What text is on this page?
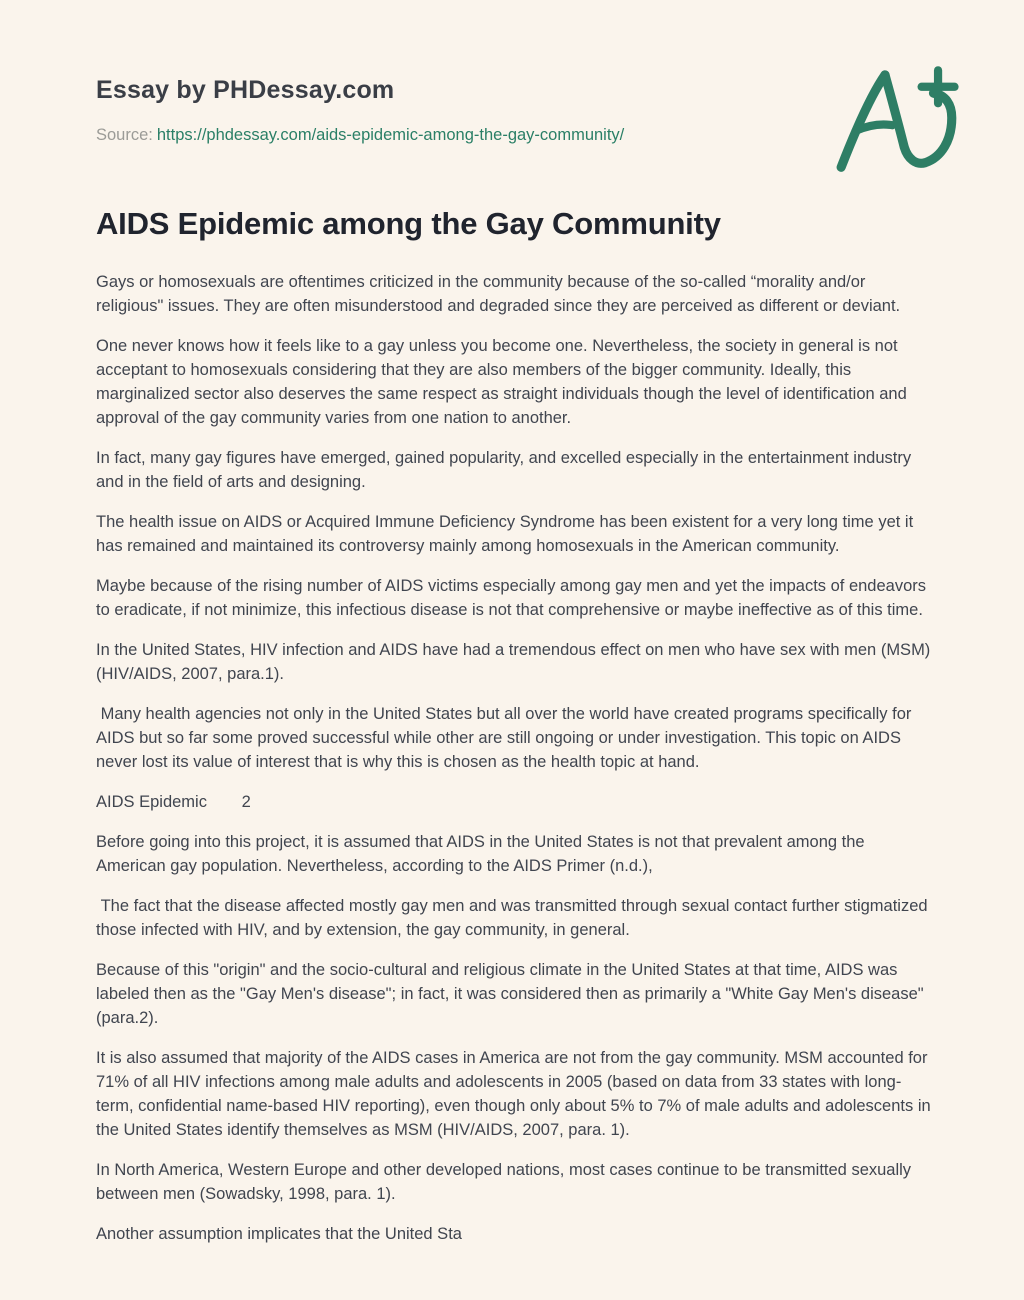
Essay by PHDessay.com
Source: https://phdessay.com/aids-epidemic-among-the-gay-community/
AIDS Epidemic among the Gay Community

Gays or homosexuals are oftentimes criticized in the community because of the so-called “morality and/or religious" issues. They are often misunderstood and degraded since they are perceived as different or deviant.

One never knows how it feels like to a gay unless you become one. Nevertheless, the society in general is not acceptant to homosexuals considering that they are also members of the bigger community. Ideally, this marginalized sector also deserves the same respect as straight individuals though the level of identification and approval of the gay community varies from one nation to another.

In fact, many gay figures have emerged, gained popularity, and excelled especially in the entertainment industry and in the field of arts and designing.

The health issue on AIDS or Acquired Immune Deficiency Syndrome has been existent for a very long time yet it has remained and maintained its controversy mainly among homosexuals in the American community.

Maybe because of the rising number of AIDS victims especially among gay men and yet the impacts of endeavors to eradicate, if not minimize, this infectious disease is not that comprehensive or maybe ineffective as of this time.

In the United States, HIV infection and AIDS have had a tremendous effect on men who have sex with men (MSM) (HIV/AIDS, 2007, para.1).

Many health agencies not only in the United States but all over the world have created programs specifically for AIDS but so far some proved successful while other are still ongoing or under investigation. This topic on AIDS never lost its value of interest that is why this is chosen as the health topic at hand.

AIDS Epidemic 2

Before going into this project, it is assumed that AIDS in the United States is not that prevalent among the American gay population. Nevertheless, according to the AIDS Primer (n.d.),

The fact that the disease affected mostly gay men and was transmitted through sexual contact further stigmatized those infected with HIV, and by extension, the gay community, in general.

Because of this "origin" and the socio-cultural and religious climate in the United States at that time, AIDS was labeled then as the "Gay Men's disease"; in fact, it was considered then as primarily a "White Gay Men's disease" (para.2).

It is also assumed that majority of the AIDS cases in America are not from the gay community. MSM accounted for 71% of all HIV infections among male adults and adolescents in 2005 (based on data from 33 states with long-term, confidential name-based HIV reporting), even though only about 5% to 7% of male adults and adolescents in the United States identify themselves as MSM (HIV/AIDS, 2007, para. 1).

In North America, Western Europe and other developed nations, most cases continue to be transmitted sexually between men (Sowadsky, 1998, para. 1).

Another assumption implicates that the United Sta
